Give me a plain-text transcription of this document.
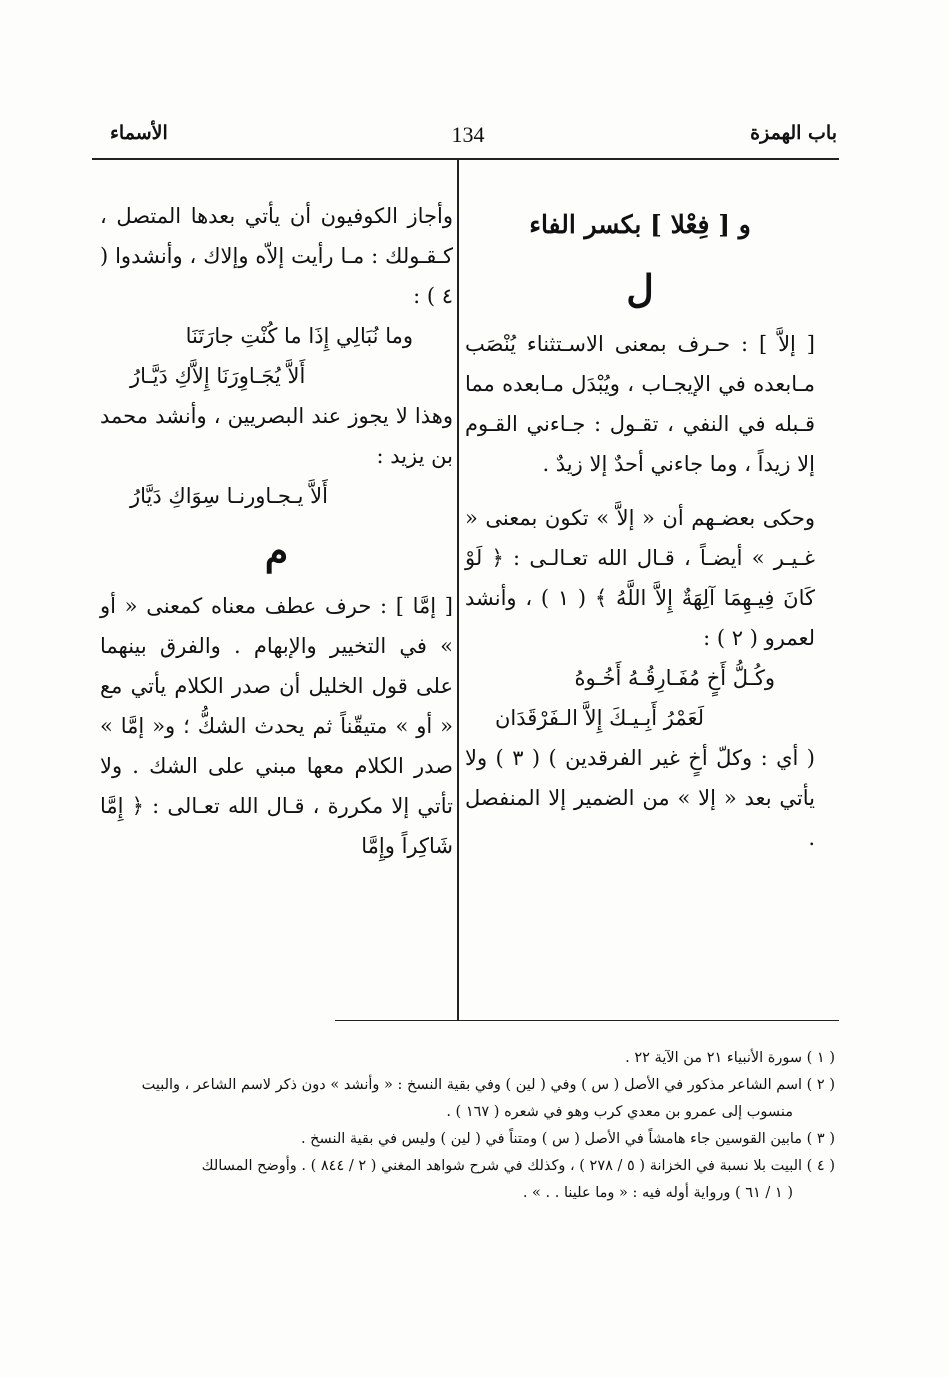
باب الهمزة
134
الأسماء
و [ فِعْلا ] بكسر الفاء
ل

[ إلاَّ ] : حـرف بمعنى الاسـتثناء يُنْصَب مـابعده في الإيجـاب ، ويُبْدَل مـابعده مما قـبله في النفي ، تقـول : جـاءني القـوم إلا زيداً ، وما جاءني أحدٌ إلا زيدٌ .

وحكى بعضـهم أن « إلاَّ » تكون بمعنى « غـيـر » أيضـاً ، قـال الله تعـالـى : ﴿ لَوْ كَانَ فِيـهِمَا آلِهَةٌ إِلاَّ اللَّهُ ﴾ ( ١ ) ، وأنشد لعمرو ( ٢ ) :

وكُـلُّ أَخٍ مُفَـارِقُـهُ أَخُـوهُ

لَعَمْرُ أَبِـيـكَ إِلاَّ الـفَرْقَدَان

( أي : وكلّ أخٍ غير الفرقدين ) ( ٣ ) ولا يأتي بعد « إلا » من الضمير إلا المنفصل .

وأجاز الكوفيون أن يأتي بعدها المتصل ، كـقـولك : مـا رأيت إلاّه وإلاك ، وأنشدوا ( ٤ ) :

وما نُبَالِي إِذَا ما كُنْتِ جارَتَنَا

أَلاَّ يُجَـاوِرَنَا إِلاَّكِ دَيَّـارُ

وهذا لا يجوز عند البصريين ، وأنشد محمد بن يزيد :

أَلاَّ يـجـاورنـا سِوَاكِ دَيَّارُ

م

[ إمَّا ] : حرف عطف معناه كمعنى « أو » في التخيير والإبهام . والفرق بينهما على قول الخليل أن صدر الكلام يأتي مع « أو » متيقّناً ثم يحدث الشكُّ ؛ و« إمَّا » صدر الكلام معها مبني على الشك . ولا تأتي إلا مكررة ، قـال الله تعـالى : ﴿ إِمَّا شَاكِراً وإِمَّا

( ١ ) سورة الأنبياء ٢١ من الآية ٢٢ .

( ٢ ) اسم الشاعر مذكور في الأصل ( س ) وفي ( لين ) وفي بقية النسخ : « وأنشد » دون ذكر لاسم الشاعر ، والبيت

منسوب إلى عمرو بن معدي كرب وهو في شعره ( ١٦٧ ) .

( ٣ ) مابين القوسين جاء هامشاً في الأصل ( س ) ومتناً في ( لين ) وليس في بقية النسخ .

( ٤ ) البيت بلا نسبة في الخزانة ( ٥ / ٢٧٨ ) ، وكذلك في شرح شواهد المغني ( ٢ / ٨٤٤ ) . وأوضح المسالك

( ١ / ٦١ ) ورواية أوله فيه : « وما علينا . . » .
